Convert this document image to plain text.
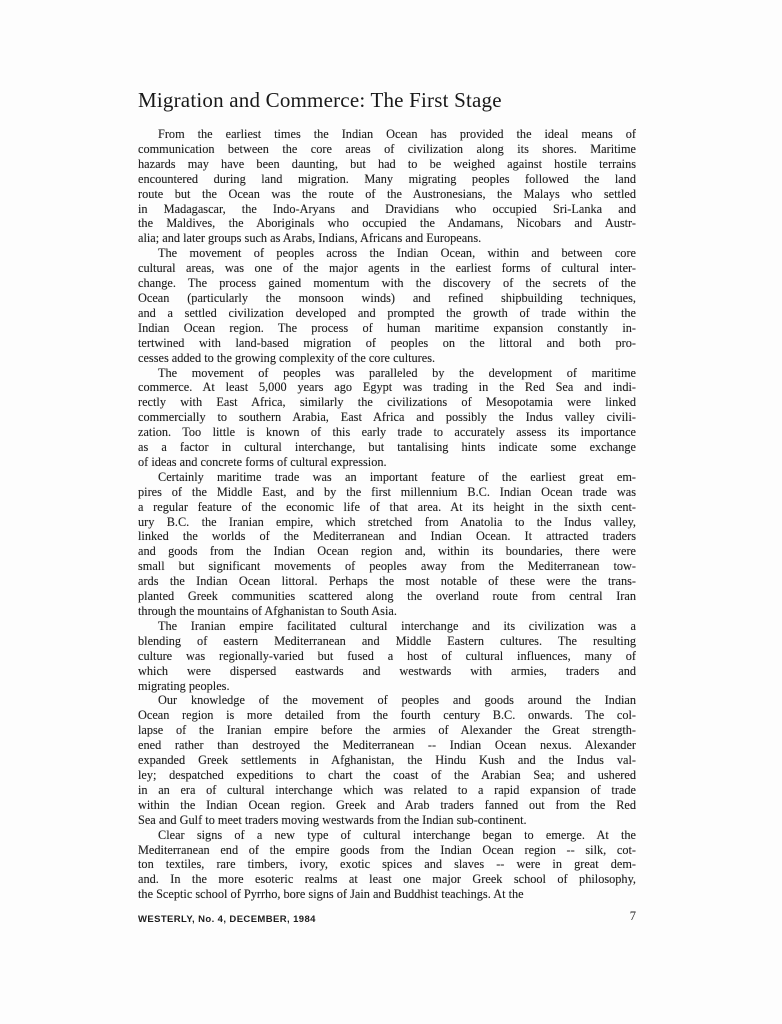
Migration and Commerce: The First Stage
From the earliest times the Indian Ocean has provided the ideal means of
communication between the core areas of civilization along its shores. Maritime
hazards may have been daunting, but had to be weighed against hostile terrains
encountered during land migration. Many migrating peoples followed the land
route but the Ocean was the route of the Austronesians, the Malays who settled
in Madagascar, the Indo-Aryans and Dravidians who occupied Sri-Lanka and
the Maldives, the Aboriginals who occupied the Andamans, Nicobars and Austr-
alia; and later groups such as Arabs, Indians, Africans and Europeans.
The movement of peoples across the Indian Ocean, within and between core
cultural areas, was one of the major agents in the earliest forms of cultural inter-
change. The process gained momentum with the discovery of the secrets of the
Ocean (particularly the monsoon winds) and refined shipbuilding techniques,
and a settled civilization developed and prompted the growth of trade within the
Indian Ocean region. The process of human maritime expansion constantly in-
tertwined with land-based migration of peoples on the littoral and both pro-
cesses added to the growing complexity of the core cultures.
The movement of peoples was paralleled by the development of maritime
commerce. At least 5,000 years ago Egypt was trading in the Red Sea and indi-
rectly with East Africa, similarly the civilizations of Mesopotamia were linked
commercially to southern Arabia, East Africa and possibly the Indus valley civili-
zation. Too little is known of this early trade to accurately assess its importance
as a factor in cultural interchange, but tantalising hints indicate some exchange
of ideas and concrete forms of cultural expression.
Certainly maritime trade was an important feature of the earliest great em-
pires of the Middle East, and by the first millennium B.C. Indian Ocean trade was
a regular feature of the economic life of that area. At its height in the sixth cent-
ury B.C. the Iranian empire, which stretched from Anatolia to the Indus valley,
linked the worlds of the Mediterranean and Indian Ocean. It attracted traders
and goods from the Indian Ocean region and, within its boundaries, there were
small but significant movements of peoples away from the Mediterranean tow-
ards the Indian Ocean littoral. Perhaps the most notable of these were the trans-
planted Greek communities scattered along the overland route from central Iran
through the mountains of Afghanistan to South Asia.
The Iranian empire facilitated cultural interchange and its civilization was a
blending of eastern Mediterranean and Middle Eastern cultures. The resulting
culture was regionally-varied but fused a host of cultural influences, many of
which were dispersed eastwards and westwards with armies, traders and
migrating peoples.
Our knowledge of the movement of peoples and goods around the Indian
Ocean region is more detailed from the fourth century B.C. onwards. The col-
lapse of the Iranian empire before the armies of Alexander the Great strength-
ened rather than destroyed the Mediterranean -- Indian Ocean nexus. Alexander
expanded Greek settlements in Afghanistan, the Hindu Kush and the Indus val-
ley; despatched expeditions to chart the coast of the Arabian Sea; and ushered
in an era of cultural interchange which was related to a rapid expansion of trade
within the Indian Ocean region. Greek and Arab traders fanned out from the Red
Sea and Gulf to meet traders moving westwards from the Indian sub-continent.
Clear signs of a new type of cultural interchange began to emerge. At the
Mediterranean end of the empire goods from the Indian Ocean region -- silk, cot-
ton textiles, rare timbers, ivory, exotic spices and slaves -- were in great dem-
and. In the more esoteric realms at least one major Greek school of philosophy,
the Sceptic school of Pyrrho, bore signs of Jain and Buddhist teachings. At the
WESTERLY, No. 4, DECEMBER, 1984	7
